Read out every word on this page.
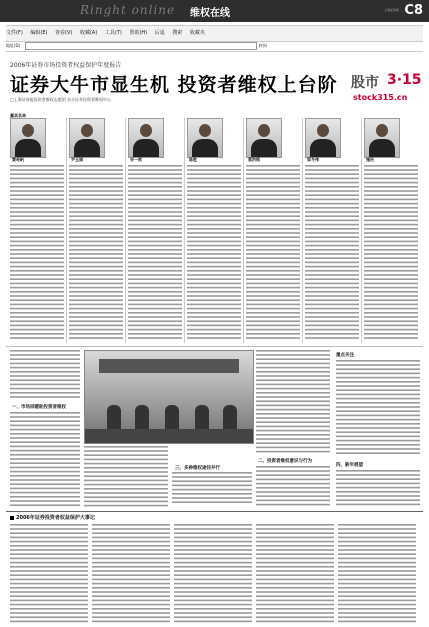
Ringht online 维权在线	上海证券报 C8
文件(F) 编辑(E) 查看(V) 收藏(A) 工具(T) 帮助(H) 后退 搜索 收藏夹
地址(D)	转到
2006年证券市场投资者权益保护年度报告
证券大牛市显生机 投资者维权上台阶
□上海证券报投资者维权志愿团 东方证券投资者维权中心
嘉宾名单
股市 3·15
stock315.cn
黄奇帆	尹玉娟	宋一欣	陈胜	蔡洪铭	梁冬伟	施民
一、市场回暖助投资者维权
二、投资者维权意识与行为
三、多种维权途径并行
重点关注
四、新年展望
2006年证券投资者权益保护大事记
